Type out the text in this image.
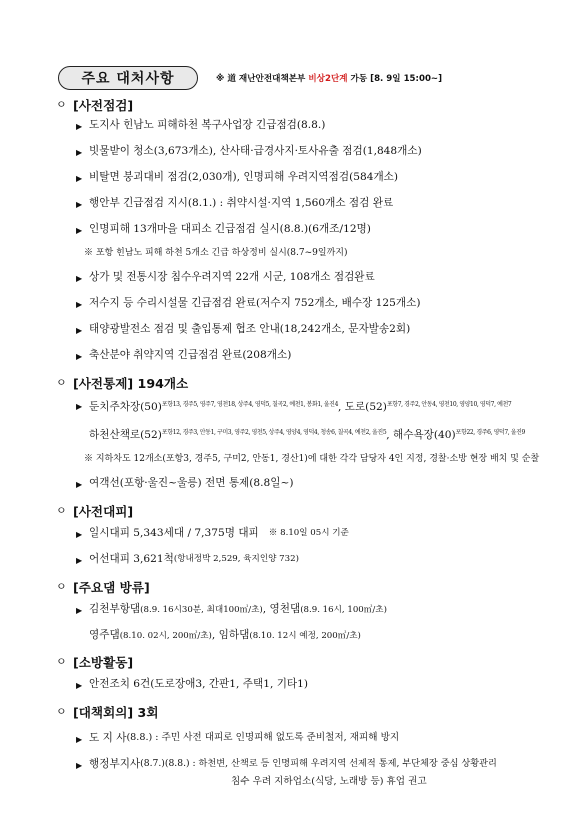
주요 대처사항	※ 道 재난안전대책본부 비상2단계 가동 [8. 9일 15:00~]
ㅇ [사전점검]
▶ 도지사 힌남노 피해하천 복구사업장 긴급점검(8.8.)
▶ 빗물받이 청소(3,673개소), 산사태·급경사지·토사유출 점검(1,848개소)
▶ 비탈면 붕괴대비 점검(2,030개), 인명피해 우려지역점검(584개소)
▶ 행안부 긴급점검 지시(8.1.) : 취약시설·지역 1,560개소 점검 완료
▶ 인명피해 13개마을 대피소 긴급점검 실시(8.8.)(6개조/12명)
※ 포항 힌남노 피해 하천 5개소 긴급 하상정비 실시(8.7~9일까지)
▶ 상가 및 전통시장 침수우려지역 22개 시군, 108개소 점검완료
▶ 저수지 등 수리시설물 긴급점검 완료(저수지 752개소, 배수장 125개소)
▶ 태양광발전소 점검 및 출입통제 협조 안내(18,242개소, 문자발송2회)
▶ 축산분야 취약지역 긴급점검 완료(208개소)
ㅇ [사전통제] 194개소
▶ 둔치주차장$(50)^{포항13, 경주5, 영주7, 영천18, 상주4, 영덕5, 칠곡2, 예천1, 봉화1, 울진4}$, 도로$(52)^{포항7, 경주2, 안동4, 영천10, 영양10, 영덕7, 예천7}$
하천산책로$(52)^{포항12, 경주3, 안동1, 구미3, 영주2, 영천5, 상주4, 영양4, 영덕4, 청송6, 칠곡4, 예천2, 울진5}$, 해수욕장$(40)^{포항22, 경주6, 영덕7, 울진9}$
※ 지하차도 12개소(포항3, 경주5, 구미2, 안동1, 경산1)에 대한 각각 담당자 4인 지정, 경찰·소방 현장 배치 및 순찰
▶ 여객선(포항·울진~울릉) 전면 통제(8.8일~)
ㅇ [사전대피]
▶ 일시대피 5,343세대 / 7,375명 대피 ※ 8.10일 05시 기준
▶ 어선대피 3,621척 (항내정박 2,529, 육지인양 732)
ㅇ [주요댐 방류]
▶ 김천부항댐(8.9. 16시30분, 최대100㎥/초), 영천댐(8.9. 16시, 100㎥/초)
영주댐(8.10. 02시, 200㎥/초), 임하댐(8.10. 12시 예정, 200㎥/초)
ㅇ [소방활동]
▶ 안전조치 6건(도로장애3, 간판1, 주택1, 기타1)
ㅇ [대책회의] 3회
▶ 도 지 사 (8.8.) : 주민 사전 대피로 인명피해 없도록 준비철저, 재피해 방지
▶ 행정부지사 (8.7.)(8.8.) : 하천변, 산책로 등 인명피해 우려지역 선제적 통제, 부단체장 중심 상황관리
침수 우려 지하업소(식당, 노래방 등) 휴업 권고
